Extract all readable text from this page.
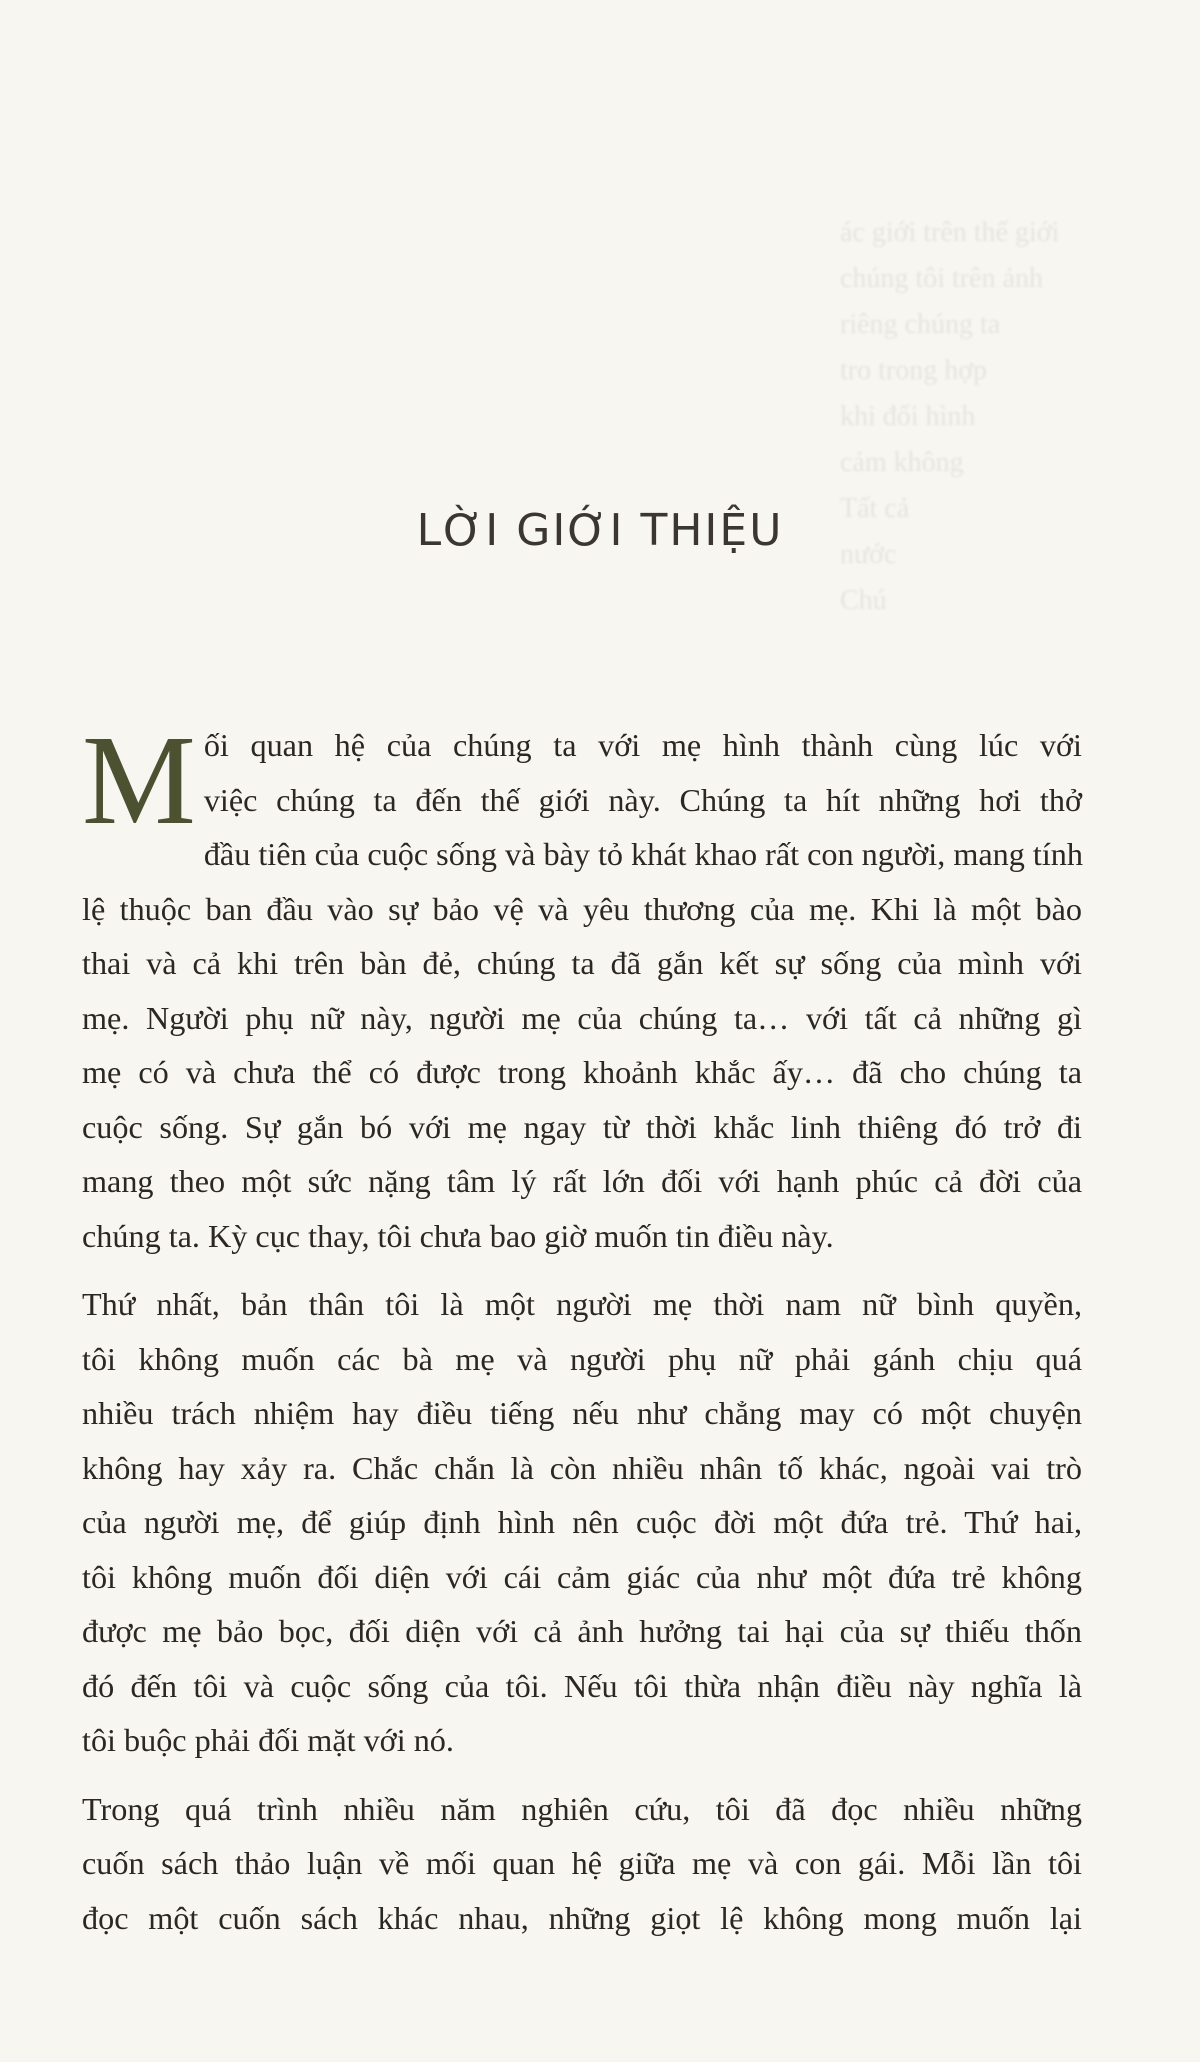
ác giới trên thế giới
chúng tôi trên ảnh
riêng chúng ta
tro trong hợp
khi đối hình
cảm không
Tất cả
nước
Chú
LỜI GIỚI THIỆU

M ối quan hệ của chúng ta với mẹ hình thành cùng lúc với
việc chúng ta đến thế giới này. Chúng ta hít những hơi thở
đầu tiên của cuộc sống và bày tỏ khát khao rất con người, mang tính
lệ thuộc ban đầu vào sự bảo vệ và yêu thương của mẹ. Khi là một bào
thai và cả khi trên bàn đẻ, chúng ta đã gắn kết sự sống của mình với
mẹ. Người phụ nữ này, người mẹ của chúng ta… với tất cả những gì
mẹ có và chưa thể có được trong khoảnh khắc ấy… đã cho chúng ta
cuộc sống. Sự gắn bó với mẹ ngay từ thời khắc linh thiêng đó trở đi
mang theo một sức nặng tâm lý rất lớn đối với hạnh phúc cả đời của
chúng ta. Kỳ cục thay, tôi chưa bao giờ muốn tin điều này.

Thứ nhất, bản thân tôi là một người mẹ thời nam nữ bình quyền,
tôi không muốn các bà mẹ và người phụ nữ phải gánh chịu quá
nhiều trách nhiệm hay điều tiếng nếu như chẳng may có một chuyện
không hay xảy ra. Chắc chắn là còn nhiều nhân tố khác, ngoài vai trò
của người mẹ, để giúp định hình nên cuộc đời một đứa trẻ. Thứ hai,
tôi không muốn đối diện với cái cảm giác của như một đứa trẻ không
được mẹ bảo bọc, đối diện với cả ảnh hưởng tai hại của sự thiếu thốn
đó đến tôi và cuộc sống của tôi. Nếu tôi thừa nhận điều này nghĩa là
tôi buộc phải đối mặt với nó.

Trong quá trình nhiều năm nghiên cứu, tôi đã đọc nhiều những
cuốn sách thảo luận về mối quan hệ giữa mẹ và con gái. Mỗi lần tôi
đọc một cuốn sách khác nhau, những giọt lệ không mong muốn lại
